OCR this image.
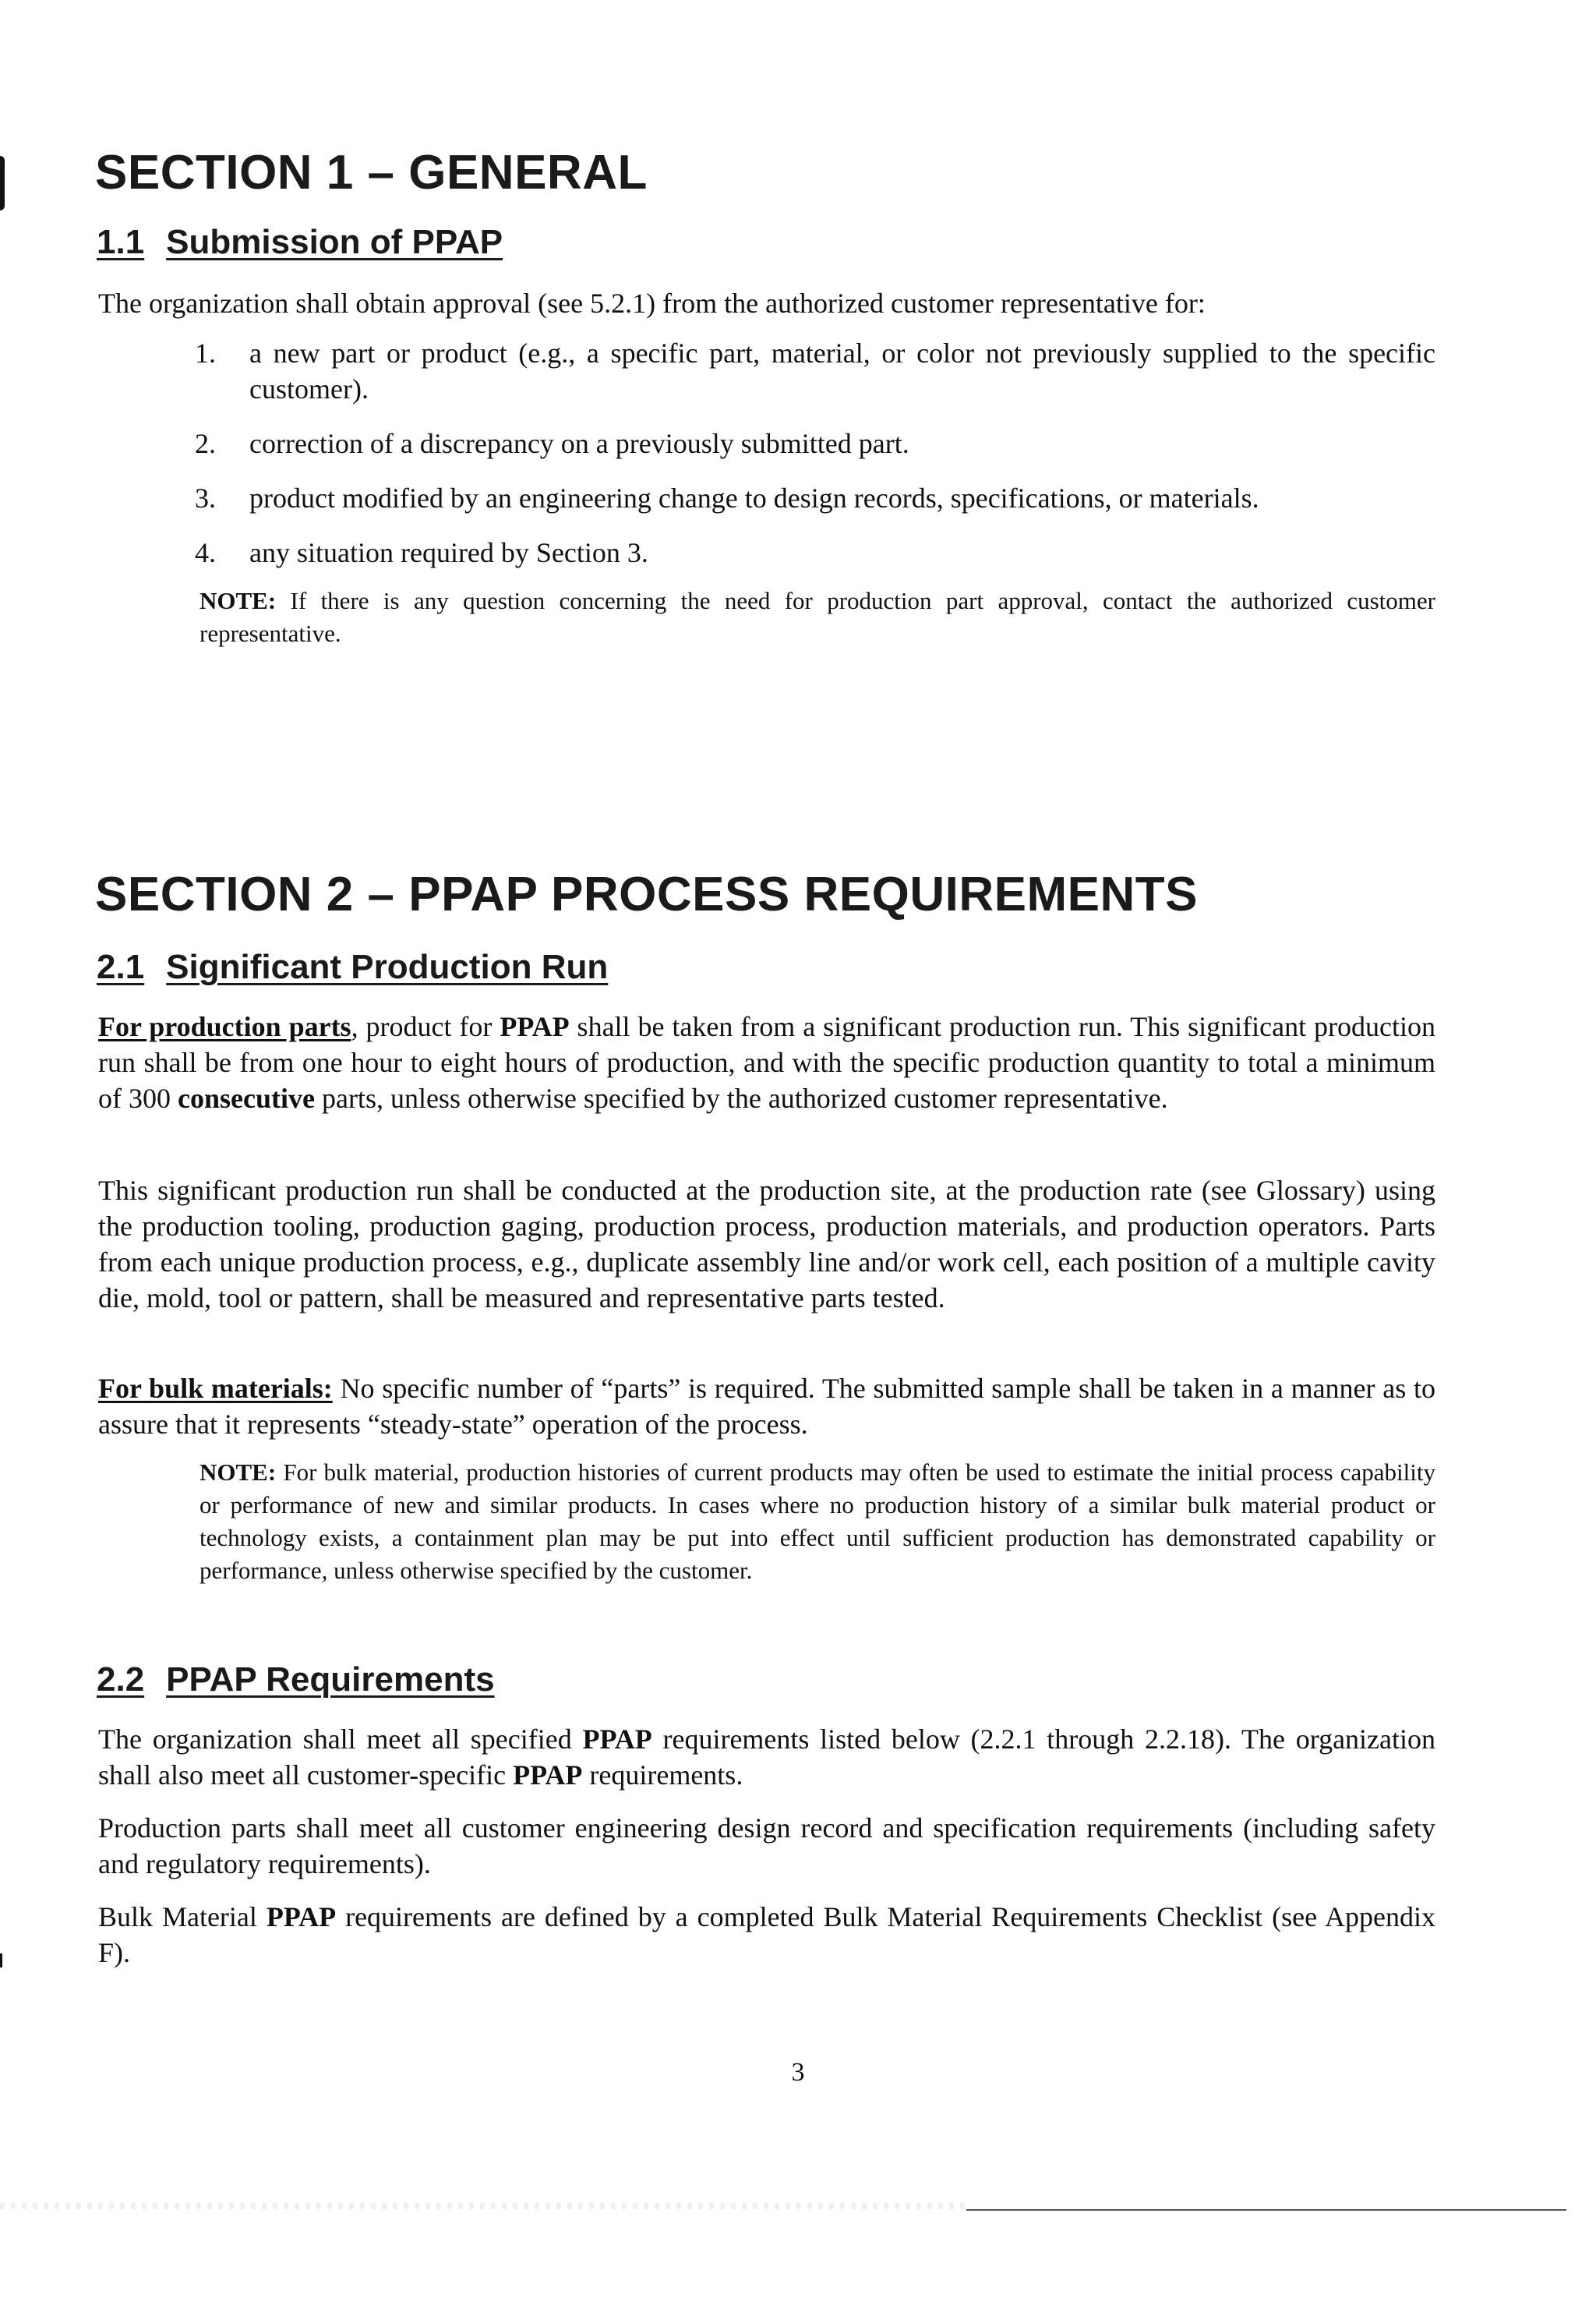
SECTION 1 – GENERAL
1.1 Submission of PPAP

The organization shall obtain approval (see 5.2.1) from the authorized customer representative for:

1. a new part or product (e.g., a specific part, material, or color not previously supplied to the specific customer).
2. correction of a discrepancy on a previously submitted part.
3. product modified by an engineering change to design records, specifications, or materials.
4. any situation required by Section 3.

NOTE: If there is any question concerning the need for production part approval, contact the authorized customer representative.

SECTION 2 – PPAP PROCESS REQUIREMENTS
2.1 Significant Production Run

For production parts, product for PPAP shall be taken from a significant production run. This significant production run shall be from one hour to eight hours of production, and with the specific production quantity to total a minimum of 300 consecutive parts, unless otherwise specified by the authorized customer representative.

This significant production run shall be conducted at the production site, at the production rate (see Glossary) using the production tooling, production gaging, production process, production materials, and production operators. Parts from each unique production process, e.g., duplicate assembly line and/or work cell, each position of a multiple cavity die, mold, tool or pattern, shall be measured and representative parts tested.

For bulk materials: No specific number of “parts” is required. The submitted sample shall be taken in a manner as to assure that it represents “steady-state” operation of the process.

NOTE: For bulk material, production histories of current products may often be used to estimate the initial process capability or performance of new and similar products. In cases where no production history of a similar bulk material product or technology exists, a containment plan may be put into effect until sufficient production has demonstrated capability or performance, unless otherwise specified by the customer.

2.2 PPAP Requirements

The organization shall meet all specified PPAP requirements listed below (2.2.1 through 2.2.18). The organization shall also meet all customer-specific PPAP requirements.

Production parts shall meet all customer engineering design record and specification requirements (including safety and regulatory requirements).

Bulk Material PPAP requirements are defined by a completed Bulk Material Requirements Checklist (see Appendix F).

3
